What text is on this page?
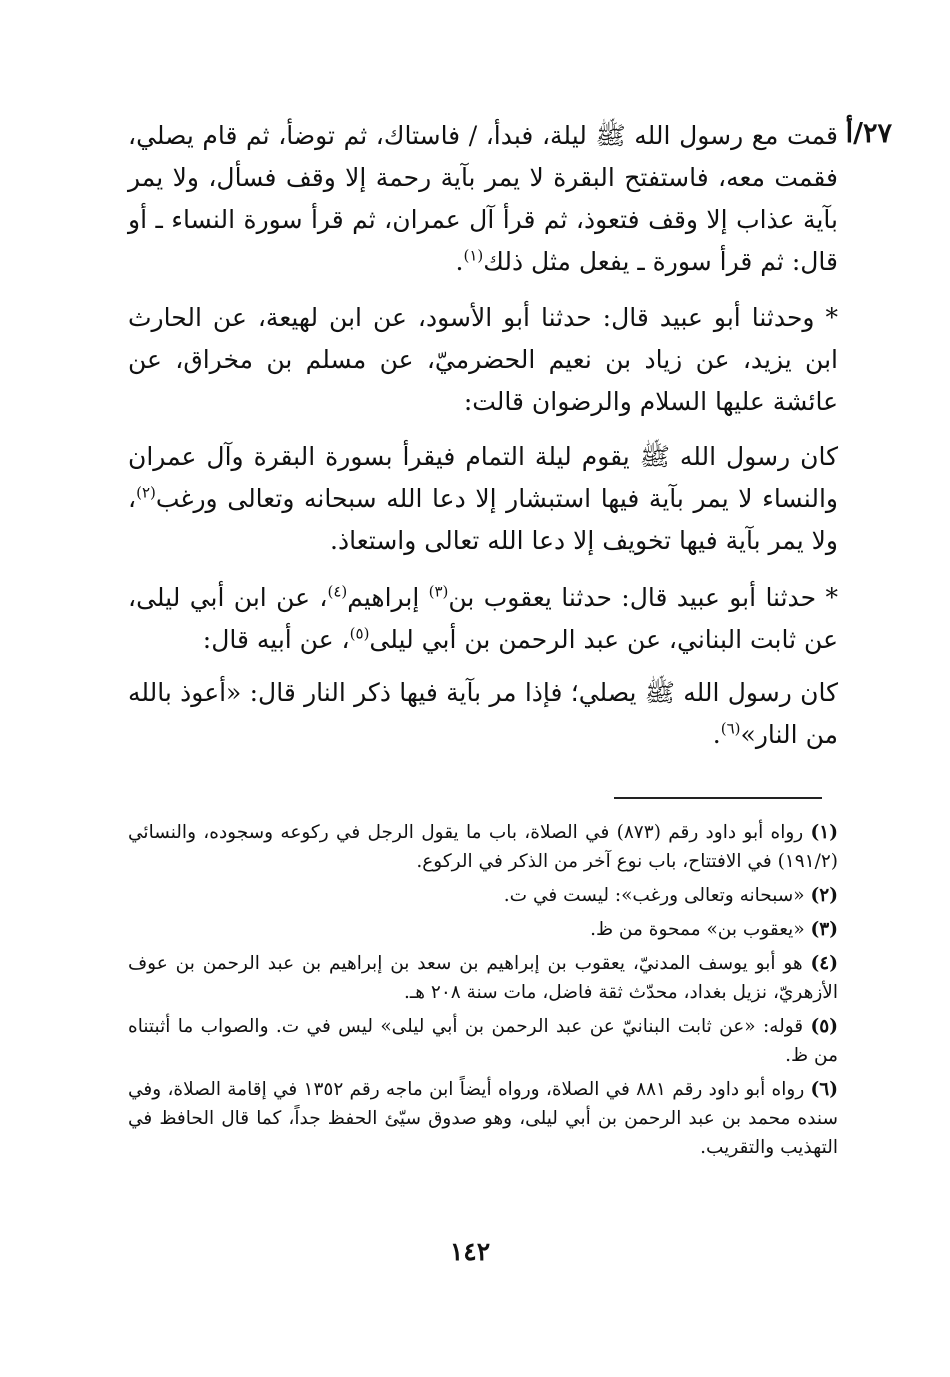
٢٧/أ

قمت مع رسول الله ﷺ ليلة، فبدأ، / فاستاك، ثم توضأ، ثم قام يصلي، فقمت معه، فاستفتح البقرة لا يمر بآية رحمة إلا وقف فسأل، ولا يمر بآية عذاب إلا وقف فتعوذ، ثم قرأ آل عمران، ثم قرأ سورة النساء ـ أو قال: ثم قرأ سورة ـ يفعل مثل ذلك$^{(١)}$.

* وحدثنا أبو عبيد قال: حدثنا أبو الأسود، عن ابن لهيعة، عن الحارث ابن يزيد، عن زياد بن نعيم الحضرميّ، عن مسلم بن مخراق، عن عائشة عليها السلام والرضوان قالت:

كان رسول الله ﷺ يقوم ليلة التمام فيقرأ بسورة البقرة وآل عمران والنساء لا يمر بآية فيها استبشار إلا دعا الله سبحانه وتعالى ورغب$^{(٢)}$، ولا يمر بآية فيها تخويف إلا دعا الله تعالى واستعاذ.

* حدثنا أبو عبيد قال: حدثنا يعقوب بن$^{(٣)}$ إبراهيم$^{(٤)}$، عن ابن أبي ليلى، عن ثابت البناني، عن عبد الرحمن بن أبي ليلى$^{(٥)}$، عن أبيه قال:

كان رسول الله ﷺ يصلي؛ فإذا مر بآية فيها ذكر النار قال: «أعوذ بالله من النار»$^{(٦)}$.

(١) رواه أبو داود رقم (٨٧٣) في الصلاة، باب ما يقول الرجل في ركوعه وسجوده، والنسائي (١٩١/٢) في الافتتاح، باب نوع آخر من الذكر في الركوع.

(٢) «سبحانه وتعالى ورغب»: ليست في ت.

(٣) «يعقوب بن» ممحوة من ظ.

(٤) هو أبو يوسف المدنيّ، يعقوب بن إبراهيم بن سعد بن إبراهيم بن عبد الرحمن بن عوف الأزهريّ، نزيل بغداد، محدّث ثقة فاضل، مات سنة ٢٠٨ هـ.

(٥) قوله: «عن ثابت البنانيّ عن عبد الرحمن بن أبي ليلى» ليس في ت. والصواب ما أثبتناه من ظ.

(٦) رواه أبو داود رقم ٨٨١ في الصلاة، ورواه أيضاً ابن ماجه رقم ١٣٥٢ في إقامة الصلاة، وفي سنده محمد بن عبد الرحمن بن أبي ليلى، وهو صدوق سيّئ الحفظ جداً، كما قال الحافظ في التهذيب والتقريب.

١٤٢
